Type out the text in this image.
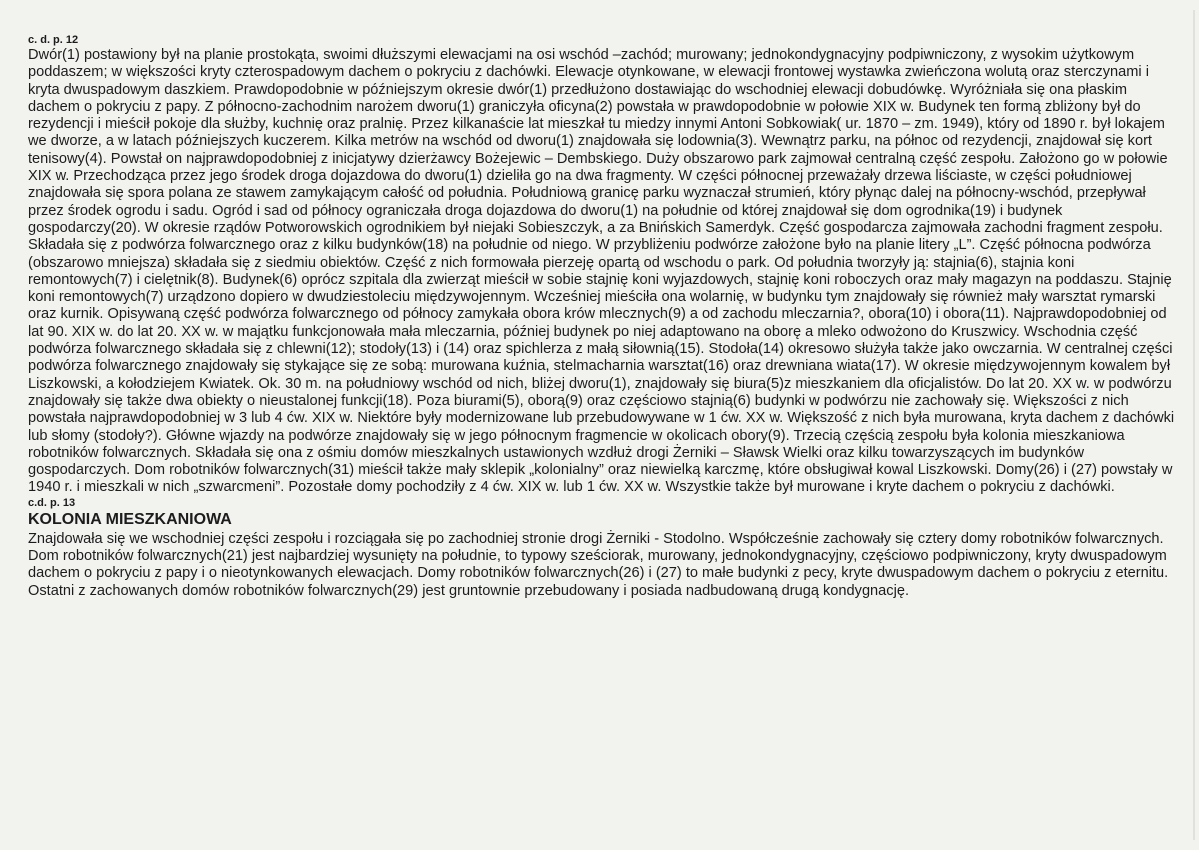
c. d. p. 12

Dwór(1) postawiony był na planie prostokąta, swoimi dłuższymi elewacjami na osi wschód –zachód; murowany; jednokondygnacyjny podpiwniczony, z wysokim użytkowym poddaszem; w większości kryty czterospadowym dachem o pokryciu z dachówki. Elewacje otynkowane, w elewacji frontowej wystawka zwieńczona wolutą oraz sterczynami i kryta dwuspadowym daszkiem. Prawdopodobnie w późniejszym okresie dwór(1) przedłużono dostawiając do wschodniej elewacji dobudówkę. Wyróżniała się ona płaskim dachem o pokryciu z papy. Z północno-zachodnim narożem dworu(1) graniczyła oficyna(2) powstała w prawdopodobnie w połowie XIX w. Budynek ten formą zbliżony był do rezydencji i mieścił pokoje dla służby, kuchnię oraz pralnię. Przez kilkanaście lat mieszkał tu miedzy innymi Antoni Sobkowiak( ur. 1870 – zm. 1949), który od 1890 r. był lokajem we dworze, a w latach późniejszych kuczerem. Kilka metrów na wschód od dworu(1) znajdowała się lodownia(3). Wewnątrz parku, na północ od rezydencji, znajdował się kort tenisowy(4). Powstał on najprawdopodobniej z inicjatywy dzierżawcy Bożejewic – Dembskiego. Duży obszarowo park zajmował centralną część zespołu. Założono go w połowie XIX w. Przechodząca przez jego środek droga dojazdowa do dworu(1) dzieliła go na dwa fragmenty. W części północnej przeważały drzewa liściaste, w części południowej znajdowała się spora polana ze stawem zamykającym całość od południa. Południową granicę parku wyznaczał strumień, który płynąc dalej na północny-wschód, przepływał przez środek ogrodu i sadu. Ogród i sad od północy ograniczała droga dojazdowa do dworu(1) na południe od której znajdował się dom ogrodnika(19) i budynek gospodarczy(20). W okresie rządów Potworowskich ogrodnikiem był niejaki Sobieszczyk, a za Bnińskich Samerdyk. Część gospodarcza zajmowała zachodni fragment zespołu. Składała się z podwórza folwarcznego oraz z kilku budynków(18) na południe od niego. W przybliżeniu podwórze założone było na planie litery „L”. Część północna podwórza (obszarowo mniejsza) składała się z siedmiu obiektów. Część z nich formowała pierzeję opartą od wschodu o park. Od południa tworzyły ją: stajnia(6), stajnia koni remontowych(7) i cielętnik(8). Budynek(6) oprócz szpitala dla zwierząt mieścił w sobie stajnię koni wyjazdowych, stajnię koni roboczych oraz mały magazyn na poddaszu. Stajnię koni remontowych(7) urządzono dopiero w dwudziestoleciu międzywojennym. Wcześniej mieściła ona wolarnię, w budynku tym znajdowały się również mały warsztat rymarski oraz kurnik. Opisywaną część podwórza folwarcznego od północy zamykała obora krów mlecznych(9) a od zachodu mleczarnia?, obora(10) i obora(11). Najprawdopodobniej od lat 90. XIX w. do lat 20. XX w. w majątku funkcjonowała mała mleczarnia, później budynek po niej adaptowano na oborę a mleko odwożono do Kruszwicy. Wschodnia część podwórza folwarcznego składała się z chlewni(12); stodoły(13) i (14) oraz spichlerza z małą siłownią(15). Stodoła(14) okresowo służyła także jako owczarnia. W centralnej części podwórza folwarcznego znajdowały się stykające się ze sobą: murowana kuźnia, stelmacharnia warsztat(16) oraz drewniana wiata(17). W okresie międzywojennym kowalem był Liszkowski, a kołodziejem Kwiatek. Ok. 30 m. na południowy wschód od nich, bliżej dworu(1), znajdowały się biura(5)z mieszkaniem dla oficjalistów. Do lat 20. XX w. w podwórzu znajdowały się także dwa obiekty o nieustalonej funkcji(18). Poza biurami(5), oborą(9) oraz częściowo stajnią(6) budynki w podwórzu nie zachowały się. Większości z nich powstała najprawdopodobniej w 3 lub 4 ćw. XIX w. Niektóre były modernizowane lub przebudowywane w 1 ćw. XX w. Większość z nich była murowana, kryta dachem z dachówki lub słomy (stodoły?). Główne wjazdy na podwórze znajdowały się w jego północnym fragmencie w okolicach obory(9). Trzecią częścią zespołu była kolonia mieszkaniowa robotników folwarcznych. Składała się ona z ośmiu domów mieszkalnych ustawionych wzdłuż drogi Żerniki – Sławsk Wielki oraz kilku towarzyszących im budynków gospodarczych. Dom robotników folwarcznych(31) mieścił także mały sklepik „kolonialny” oraz niewielką karczmę, które obsługiwał kowal Liszkowski. Domy(26) i (27) powstały w 1940 r. i mieszkali w nich „szwarcmeni”. Pozostałe domy pochodziły z 4 ćw. XIX w. lub 1 ćw. XX w. Wszystkie także był murowane i kryte dachem o pokryciu z dachówki.

c.d. p. 13

KOLONIA MIESZKANIOWA

Znajdowała się we wschodniej części zespołu i rozciągała się po zachodniej stronie drogi Żerniki - Stodolno. Współcześnie zachowały się cztery domy robotników folwarcznych. Dom robotników folwarcznych(21) jest najbardziej wysunięty na południe, to typowy sześciorak, murowany, jednokondygnacyjny, częściowo podpiwniczony, kryty dwuspadowym dachem o pokryciu z papy i o nieotynkowanych elewacjach. Domy robotników folwarcznych(26) i (27) to małe budynki z pecy, kryte dwuspadowym dachem o pokryciu z eternitu. Ostatni z zachowanych domów robotników folwarcznych(29) jest gruntownie przebudowany i posiada nadbudowaną drugą kondygnację.
